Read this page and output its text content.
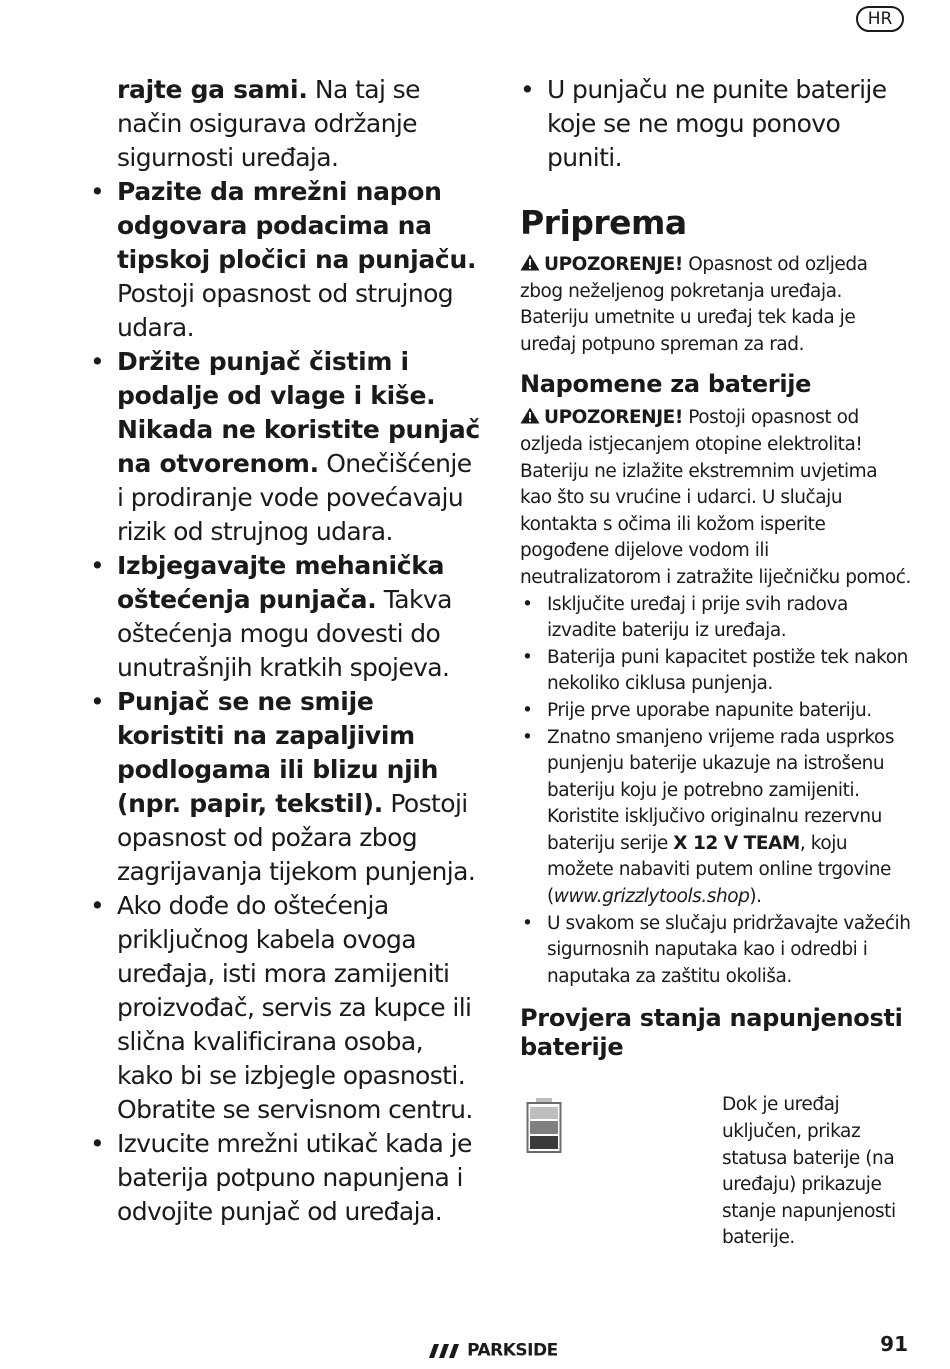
HR

rajte ga sami. Na taj se način osigurava održanje sigurnosti uređaja.

• Pazite da mrežni napon odgovara podacima na tipskoj pločici na punjaču. Postoji opasnost od strujnog udara.

• Držite punjač čistim i podalje od vlage i kiše. Nikada ne koristite punjač na otvorenom. Onečišćenje i prodiranje vode povećavaju rizik od strujnog udara.

• Izbjegavajte mehanička oštećenja punjača. Takva oštećenja mogu dovesti do unutrašnjih kratkih spojeva.

• Punjač se ne smije koristiti na zapaljivim podlogama ili blizu njih (npr. papir, tekstil). Postoji opasnost od požara zbog zagrijavanja tijekom punjenja.

• Ako dođe do oštećenja priključnog kabela ovoga uređaja, isti mora zamijeniti proizvođač, servis za kupce ili slična kvalificirana osoba, kako bi se izbjegle opasnosti. Obratite se servisnom centru.

• Izvucite mrežni utikač kada je baterija potpuno napunjena i odvojite punjač od uređaja.

• U punjaču ne punite baterije koje se ne mogu ponovo puniti.

Priprema

UPOZORENJE! Opasnost od ozljeda zbog neželjenog pokretanja uređaja. Bateriju umetnite u uređaj tek kada je uređaj potpuno spreman za rad.

Napomene za baterije

UPOZORENJE! Postoji opasnost od ozljeda istjecanjem otopine elektrolita! Bateriju ne izlažite ekstremnim uvjetima kao što su vrućine i udarci. U slučaju kontakta s očima ili kožom isperite pogođene dijelove vodom ili neutralizatorom i zatražite liječničku pomoć.

• Isključite uređaj i prije svih radova izvadite bateriju iz uređaja.

• Baterija puni kapacitet postiže tek nakon nekoliko ciklusa punjenja.

• Prije prve uporabe napunite bateriju.

• Znatno smanjeno vrijeme rada usprkos punjenju baterije ukazuje na istrošenu bateriju koju je potrebno zamijeniti. Koristite isključivo originalnu rezervnu bateriju serije X 12 V TEAM, koju možete nabaviti putem online trgovine (www.grizzlytools.shop).

• U svakom se slučaju pridržavajte važećih sigurnosnih naputaka kao i odredbi i naputaka za zaštitu okoliša.

Provjera stanja napunjenosti baterije

Dok je uređaj uključen, prikaz statusa baterije (na uređaju) prikazuje stanje napunjenosti baterije.

PARKSIDE	91
